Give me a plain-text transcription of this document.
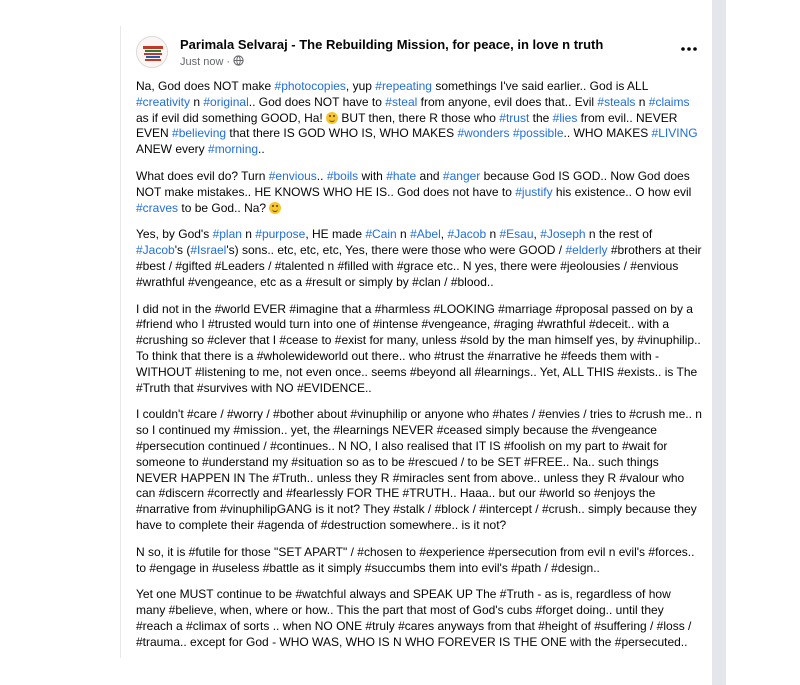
Parimala Selvaraj - The Rebuilding Mission, for peace, in love n truth
Just now ·

Na, God does NOT make #photocopies, yup #repeating somethings I've said earlier.. God is ALL #creativity n #original.. God does NOT have to #steal from anyone, evil does that.. Evil #steals n #claims as if evil did something GOOD, Ha!  BUT then, there R those who #trust the #lies from evil.. NEVER EVEN #believing that there IS GOD WHO IS, WHO MAKES #wonders #possible.. WHO MAKES #LIVING ANEW every #morning..

What does evil do? Turn #envious.. #boils with #hate and #anger because God IS GOD.. Now God does NOT make mistakes.. HE KNOWS WHO HE IS.. God does not have to #justify his existence.. O how evil #craves to be God.. Na?

Yes, by God's #plan n #purpose, HE made #Cain n #Abel, #Jacob n #Esau, #Joseph n the rest of #Jacob's (#Israel's) sons.. etc, etc, etc, Yes, there were those who were GOOD / #elderly #brothers at their #best / #gifted #Leaders / #talented n #filled with #grace etc.. N yes, there were #jeolousies / #envious #wrathful #vengeance, etc as a #result or simply by #clan / #blood..

I did not in the #world EVER #imagine that a #harmless #LOOKING #marriage #proposal passed on by a #friend who I #trusted would turn into one of #intense #vengeance, #raging #wrathful #deceit.. with a #crushing so #clever that I #cease to #exist for many, unless #sold by the man himself yes, by #vinuphilip.. To think that there is a #wholewideworld out there.. who #trust the #narrative he #feeds them with - WITHOUT #listening to me, not even once.. seems #beyond all #learnings.. Yet, ALL THIS #exists.. is The #Truth that #survives with NO #EVIDENCE..

I couldn't #care / #worry / #bother about #vinuphilip or anyone who #hates / #envies / tries to #crush me.. n so I continued my #mission.. yet, the #learnings NEVER #ceased simply because the #vengeance #persecution continued / #continues.. N NO, I also realised that IT IS #foolish on my part to #wait for someone to #understand my #situation so as to be #rescued / to be SET #FREE.. Na.. such things NEVER HAPPEN IN The #Truth.. unless they R #miracles sent from above.. unless they R #valour who can #discern #correctly and #fearlessly FOR THE #TRUTH.. Haaa.. but our #world so #enjoys the #narrative from #vinuphilipGANG is it not? They #stalk / #block / #intercept / #crush.. simply because they have to complete their #agenda of #destruction somewhere.. is it not?

N so, it is #futile for those "SET APART" / #chosen to #experience #persecution from evil n evil's #forces.. to #engage in #useless #battle as it simply #succumbs them into evil's #path / #design..

Yet one MUST continue to be #watchful always and SPEAK UP The #Truth - as is, regardless of how many #believe, when, where or how.. This the part that most of God's cubs #forget doing.. until they #reach a #climax of sorts .. when NO ONE #truly #cares anyways from that #height of #suffering / #loss / #trauma.. except for God - WHO WAS, WHO IS N WHO FOREVER IS THE ONE with the #persecuted..
